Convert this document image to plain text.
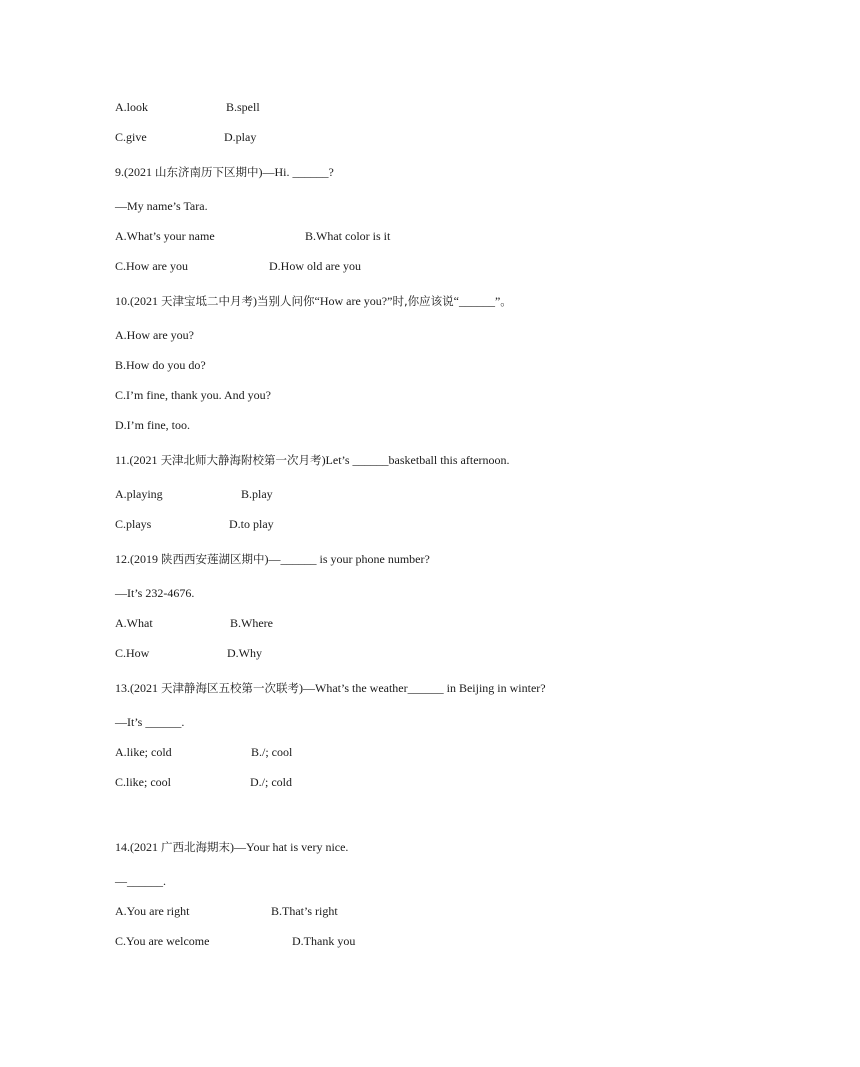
A.look	B.spell
C.give	D.play
9.(2021 山东济南历下区期中)—Hi. ______?
—My name’s Tara.
A.What’s your name	B.What color is it
C.How are you	D.How old are you
10.(2021 天津宝坻二中月考)当别人问你“How are you?”时,你应该说“______”。
A.How are you?
B.How do you do?
C.I’m fine, thank you. And you?
D.I’m fine, too.
11.(2021 天津北师大静海附校第一次月考)Let’s ______basketball this afternoon.
A.playing	B.play
C.plays	D.to play
12.(2019 陕西西安莲湖区期中)—______ is your phone number?
—It’s 232-4676.
A.What	B.Where
C.How	D.Why
13.(2021 天津静海区五校第一次联考)—What’s the weather______ in Beijing in winter?
—It’s ______.
A.like; cold	B./; cool
C.like; cool	D./; cold
14.(2021 广西北海期末)—Your hat is very nice.
—______.
A.You are right	B.That’s right
C.You are welcome	D.Thank you
